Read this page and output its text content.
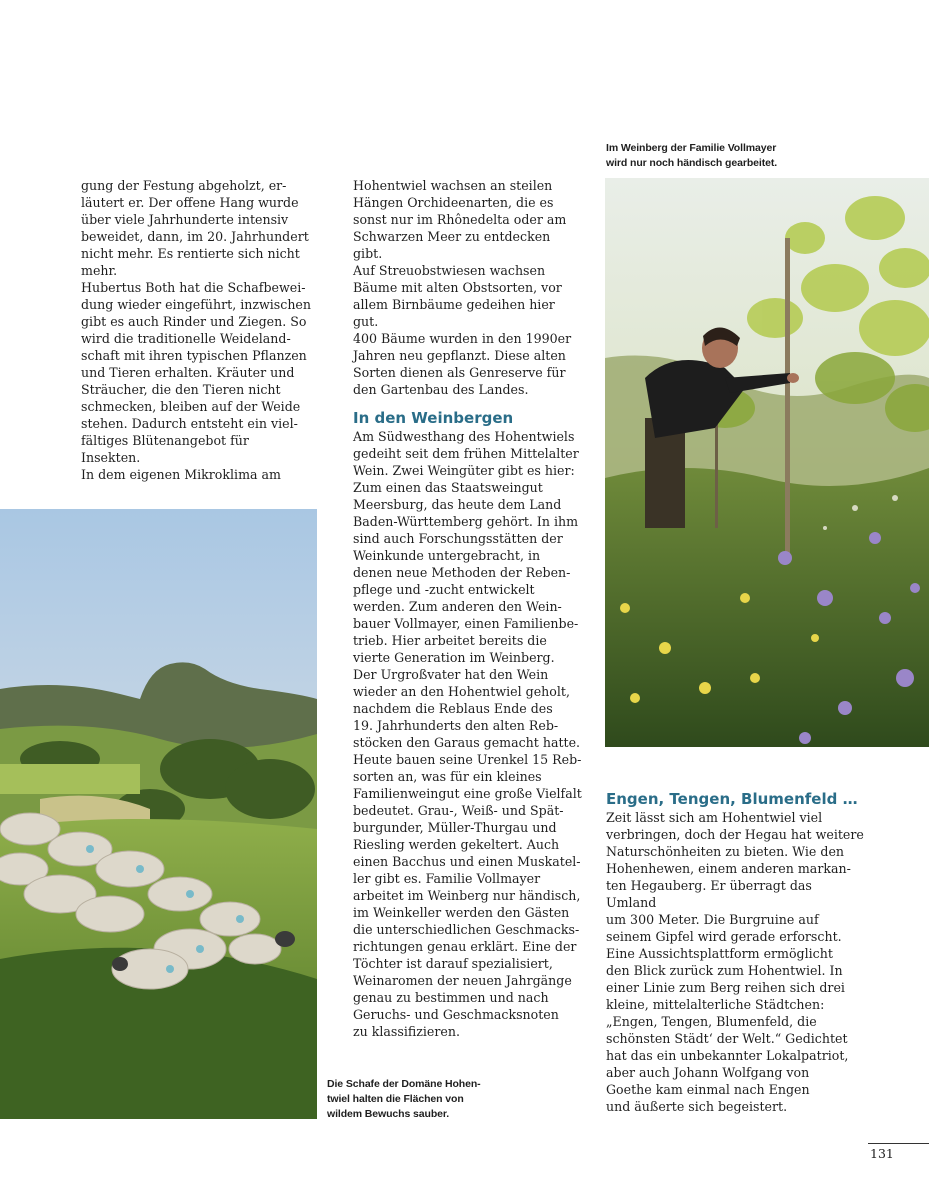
gung der Festung abgeholzt, er-
läutert er. Der offene Hang wurde
über viele Jahrhunderte intensiv
beweidet, dann, im 20. Jahrhundert
nicht mehr. Es rentierte sich nicht
mehr.
Hubertus Both hat die Schafbewei-
dung wieder eingeführt, inzwischen
gibt es auch Rinder und Ziegen. So
wird die traditionelle Weideland-
schaft mit ihren typischen Pflanzen
und Tieren erhalten. Kräuter und
Sträucher, die den Tieren nicht
schmecken, bleiben auf der Weide
stehen. Dadurch entsteht ein viel-
fältiges Blütenangebot für Insekten.
In dem eigenen Mikroklima am

Hohentwiel wachsen an steilen
Hängen Orchideenarten, die es
sonst nur im Rhônedelta oder am
Schwarzen Meer zu entdecken gibt.
Auf Streuobstwiesen wachsen
Bäume mit alten Obstsorten, vor
allem Birnbäume gedeihen hier gut.
400 Bäume wurden in den 1990er
Jahren neu gepflanzt. Diese alten
Sorten dienen als Genreserve für
den Gartenbau des Landes.

In den Weinbergen

Am Südwesthang des Hohentwiels
gedeiht seit dem frühen Mittelalter
Wein. Zwei Weingüter gibt es hier:
Zum einen das Staatsweingut
Meersburg, das heute dem Land
Baden-Württemberg gehört. In ihm
sind auch Forschungsstätten der
Weinkunde untergebracht, in
denen neue Methoden der Reben-
pflege und -zucht entwickelt
werden. Zum anderen den Wein-
bauer Vollmayer, einen Familienbe-
trieb. Hier arbeitet bereits die
vierte Generation im Weinberg.
Der Urgroßvater hat den Wein
wieder an den Hohentwiel geholt,
nachdem die Reblaus Ende des
19. Jahrhunderts den alten Reb-
stöcken den Garaus gemacht hatte.
Heute bauen seine Urenkel 15 Reb-
sorten an, was für ein kleines
Familienweingut eine große Vielfalt
bedeutet. Grau-, Weiß- und Spät-
burgunder, Müller-Thurgau und
Riesling werden gekeltert. Auch
einen Bacchus und einen Muskatel-
ler gibt es. Familie Vollmayer
arbeitet im Weinberg nur händisch,
im Weinkeller werden den Gästen
die unterschiedlichen Geschmacks-
richtungen genau erklärt. Eine der
Töchter ist darauf spezialisiert,
Weinaromen der neuen Jahrgänge
genau zu bestimmen und nach
Geruchs- und Geschmacksnoten
zu klassifizieren.

Engen, Tengen, Blumenfeld …

Zeit lässt sich am Hohentwiel viel
verbringen, doch der Hegau hat weitere
Naturschönheiten zu bieten. Wie den
Hohenhewen, einem anderen markan-
ten Hegauberg. Er überragt das Umland
um 300 Meter. Die Burgruine auf
seinem Gipfel wird gerade erforscht.
Eine Aussichtsplattform ermöglicht
den Blick zurück zum Hohentwiel. In
einer Linie zum Berg reihen sich drei
kleine, mittelalterliche Städtchen:
„Engen, Tengen, Blumenfeld, die
schönsten Städt‘ der Welt.“ Gedichtet
hat das ein unbekannter Lokalpatriot,
aber auch Johann Wolfgang von
Goethe kam einmal nach Engen
und äußerte sich begeistert.

Im Weinberg der Familie Vollmayer
wird nur noch händisch gearbeitet.
Die Schafe der Domäne Hohen-
twiel halten die Flächen von
wildem Bewuchs sauber.
131
